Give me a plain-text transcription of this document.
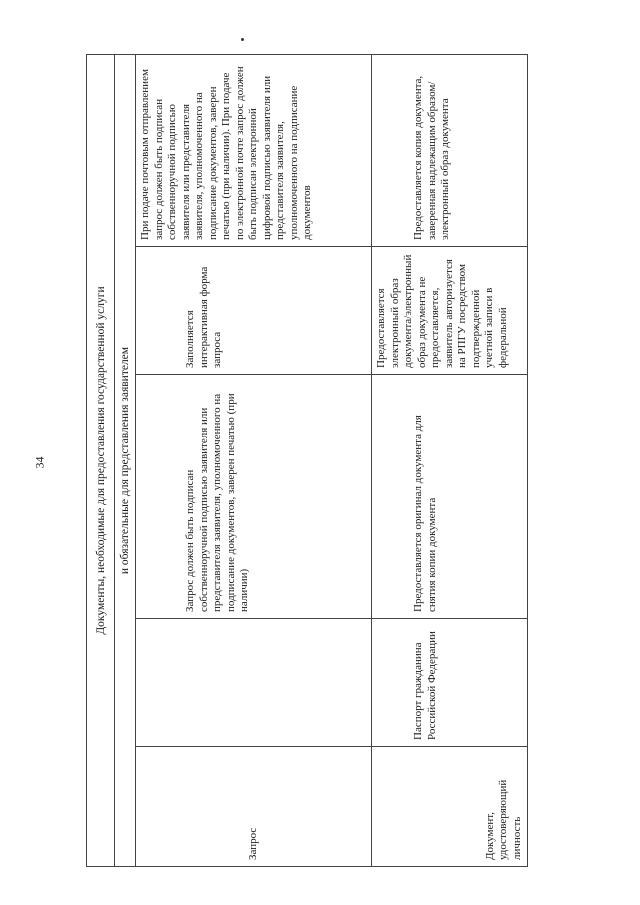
34	Документы, необходимые для предоставления государственной услуги				
и обязательные для представления заявителем				
Запрос		Запрос должен быть подписан собственноручной подписью заявителя или представителя заявителя, уполномоченного на подписание документов, заверен печатью (при наличии)	Заполняется интерактивная форма запроса	При подаче почтовым отправлением запрос должен быть подписан собственноручной подписью заявителя или представителя заявителя, уполномоченного на подписание документов, заверен печатью (при наличии). При подаче по электронной почте запрос должен быть подписан электронной цифровой подписью заявителя или представителя заявителя, уполномоченного на подписание документов
Документ, удостоверяющий личность	Паспорт гражданина Российской Федерации	Предоставляется оригинал документа для снятия копии документа	Предоставляется электронный образ документа/электронный образ документа не предоставляется, заявитель авторизуется на РПГУ посредством подтвержденной учетной записи в федеральной	Предоставляется копия документа, заверенная надлежащим образом/электронный образ документа
